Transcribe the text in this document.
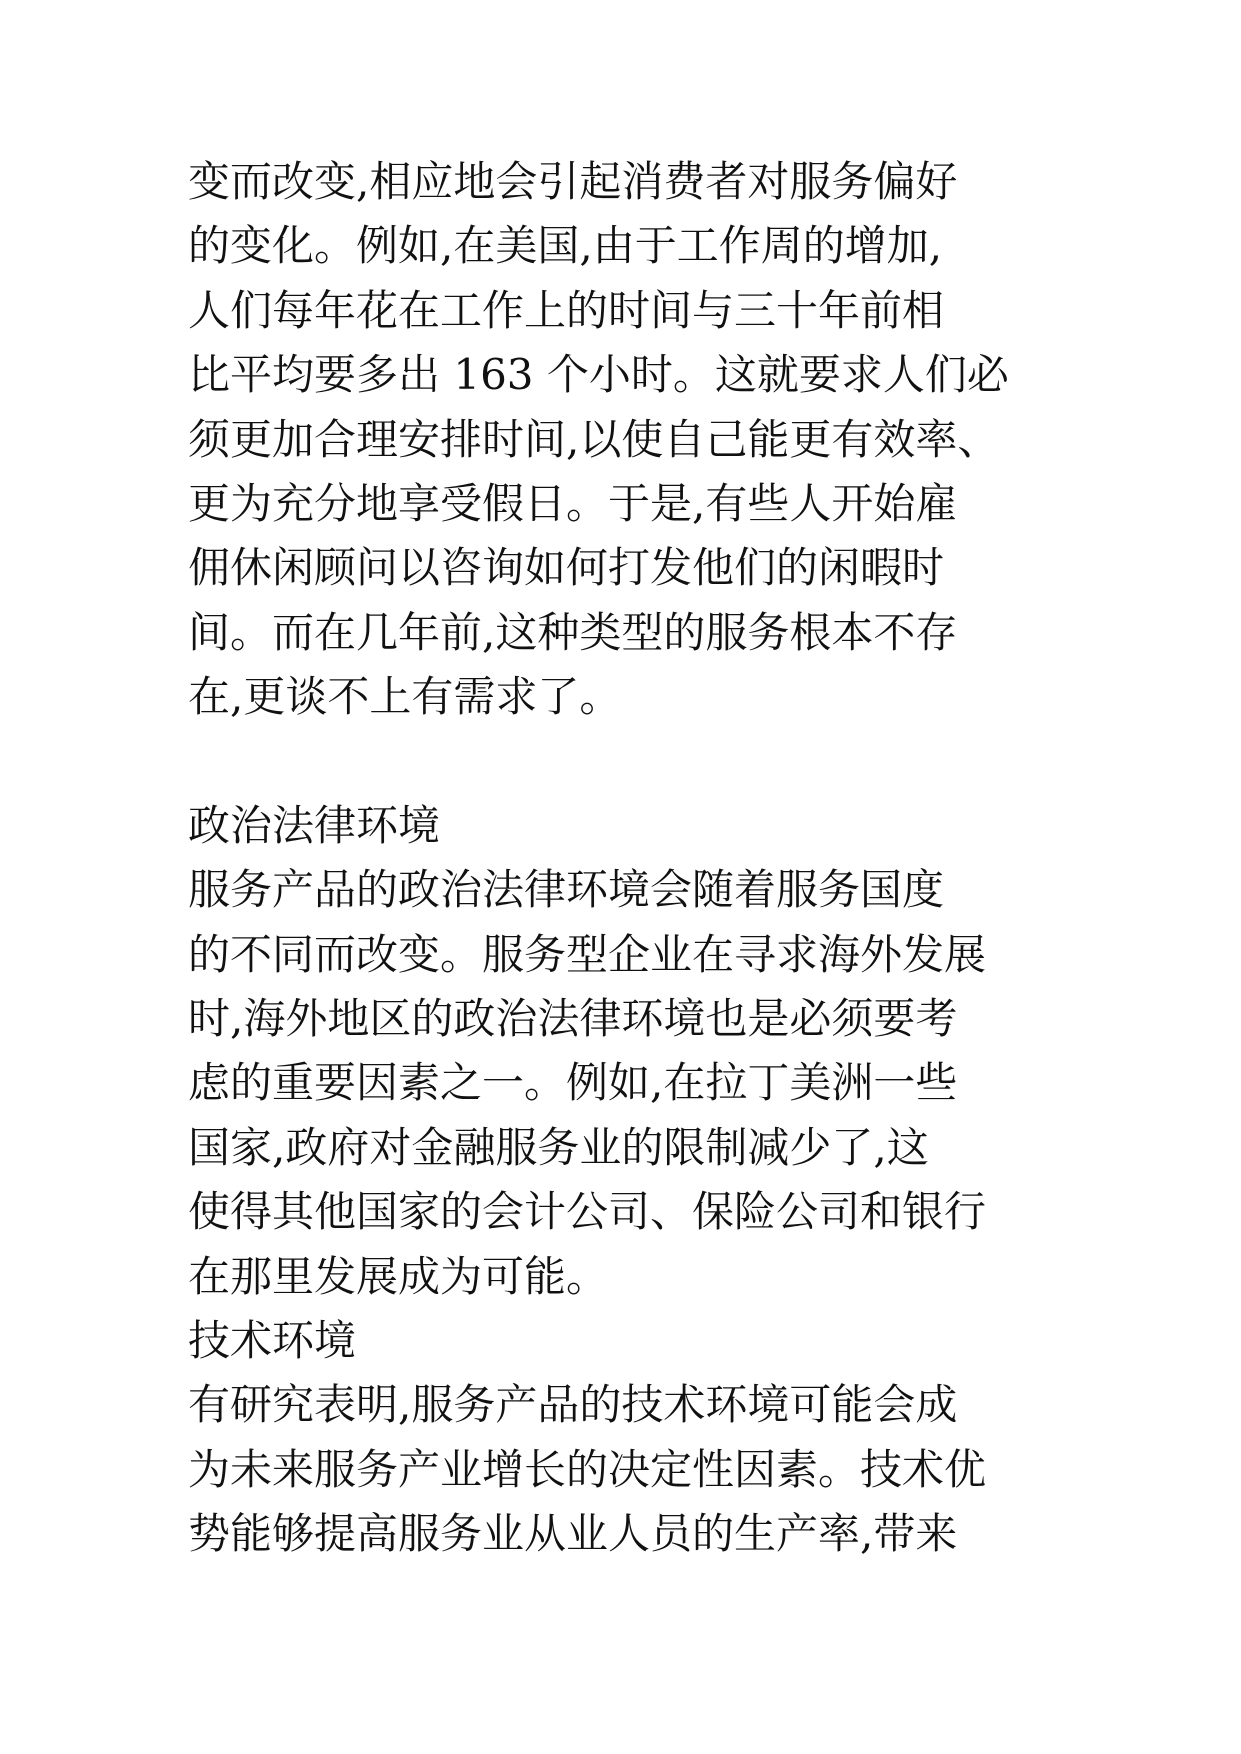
变而改变,相应地会引起消费者对服务偏好
的变化。例如,在美国,由于工作周的增加,
人们每年花在工作上的时间与三十年前相
比平均要多出 163 个小时。这就要求人们必
须更加合理安排时间,以使自己能更有效率、
更为充分地享受假日。于是,有些人开始雇
佣休闲顾问以咨询如何打发他们的闲暇时
间。而在几年前,这种类型的服务根本不存
在,更谈不上有需求了。
政治法律环境
服务产品的政治法律环境会随着服务国度
的不同而改变。服务型企业在寻求海外发展
时,海外地区的政治法律环境也是必须要考
虑的重要因素之一。例如,在拉丁美洲一些
国家,政府对金融服务业的限制减少了,这
使得其他国家的会计公司、保险公司和银行
在那里发展成为可能。
技术环境
有研究表明,服务产品的技术环境可能会成
为未来服务产业增长的决定性因素。技术优
势能够提高服务业从业人员的生产率,带来
